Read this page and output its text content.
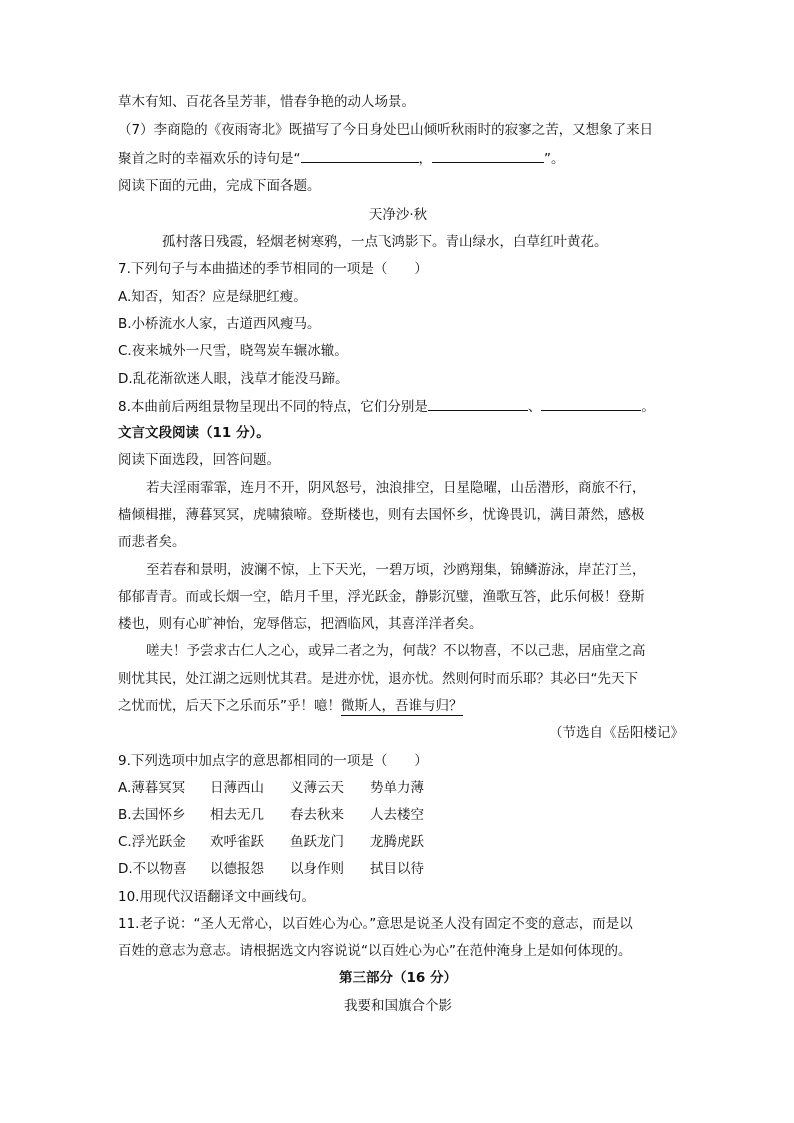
草木有知、百花各呈芳菲，惜春争艳的动人场景。
（7）李商隐的《夜雨寄北》既描写了今日身处巴山倾听秋雨时的寂寥之苦，又想象了来日
聚首之时的幸福欢乐的诗句是“	，	”。
阅读下面的元曲，完成下面各题。
天净沙·秋
孤村落日残霞，轻烟老树寒鸦，一点飞鸿影下。青山绿水，白草红叶黄花。
7.下列句子与本曲描述的季节相同的一项是（　　）
A.知否，知否？应是绿肥红瘦。
B.小桥流水人家，古道西风瘦马。
C.夜来城外一尺雪，晓驾炭车辗冰辙。
D.乱花渐欲迷人眼，浅草才能没马蹄。
8.本曲前后两组景物呈现出不同的特点，它们分别是	、	。
文言文段阅读（11 分）。
阅读下面选段，回答问题。
若夫淫雨霏霏，连月不开，阴风怒号，浊浪排空，日星隐曜，山岳潜形，商旅不行，
樯倾楫摧，薄暮冥冥，虎啸猿啼。登斯楼也，则有去国怀乡，忧谗畏讥，满目萧然，感极
而悲者矣。
至若春和景明，波澜不惊，上下天光，一碧万顷，沙鸥翔集，锦鳞游泳，岸芷汀兰，
郁郁青青。而或长烟一空，皓月千里，浮光跃金，静影沉璧，渔歌互答，此乐何极！登斯
楼也，则有心旷神怡，宠辱偕忘，把酒临风，其喜洋洋者矣。
嗟夫！予尝求古仁人之心，或异二者之为，何哉？不以物喜，不以己悲，居庙堂之高
则忧其民，处江湖之远则忧其君。是进亦忧，退亦忧。然则何时而乐耶？其必曰“先天下
之忧而忧，后天下之乐而乐”乎！噫！微斯人，吾谁与归？
（节选自《岳阳楼记》
9.下列选项中加点字的意思都相同的一项是（　　）
A.薄暮冥冥 日薄西山 义薄云天 势单力薄
B.去国怀乡 相去无几 春去秋来 人去楼空
C.浮光跃金 欢呼雀跃 鱼跃龙门 龙腾虎跃
D.不以物喜 以德报怨 以身作则 拭目以待
10.用现代汉语翻译文中画线句。
11.老子说：“圣人无常心，以百姓心为心。”意思是说圣人没有固定不变的意志，而是以
百姓的意志为意志。请根据选文内容说说“以百姓心为心”在范仲淹身上是如何体现的。
第三部分（16 分）
我要和国旗合个影
